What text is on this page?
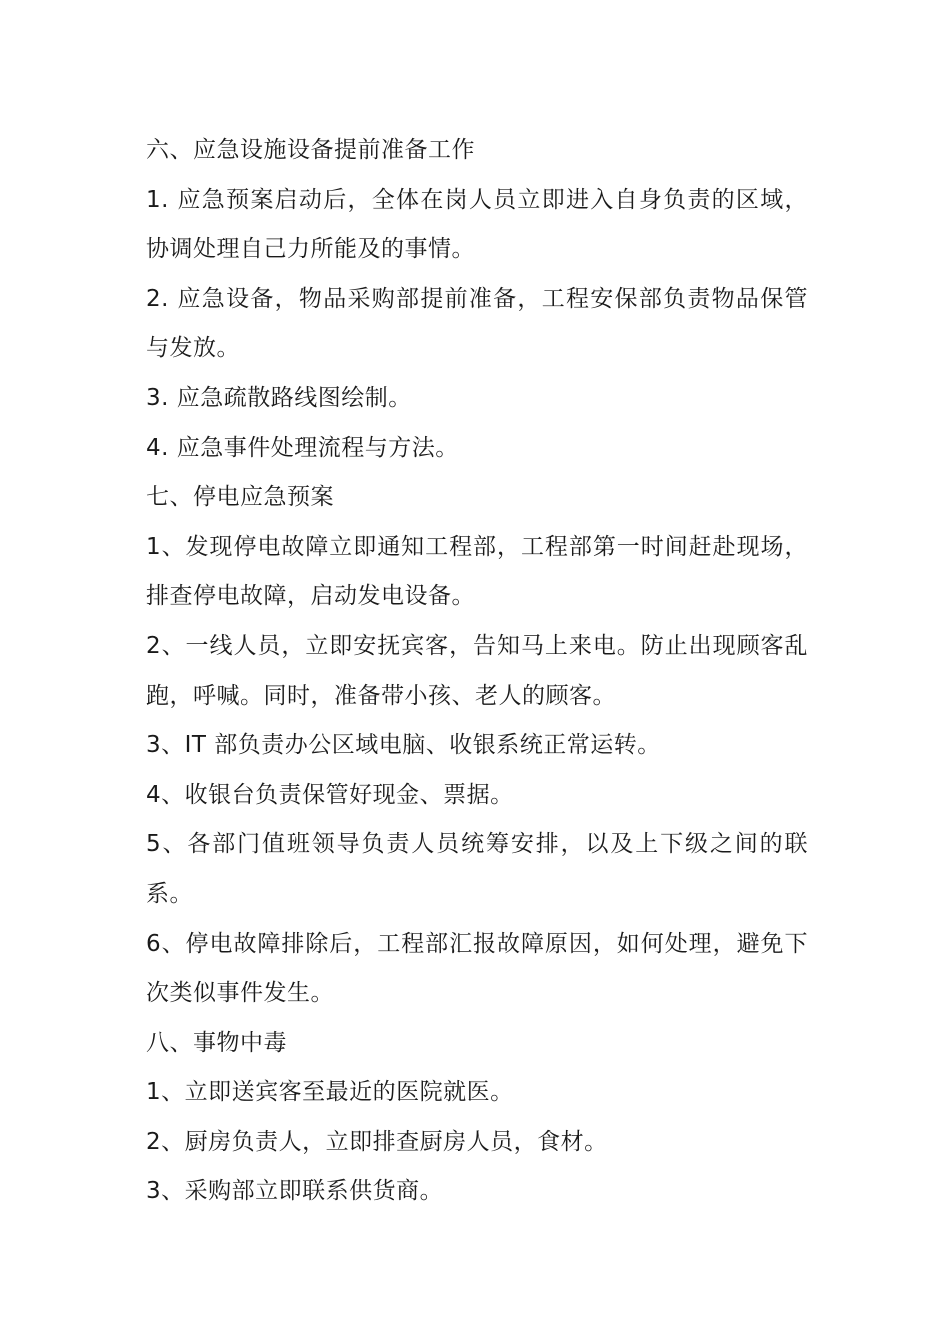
六、应急设施设备提前准备工作

1. 应急预案启动后，全体在岗人员立即进入自身负责的区域，协调处理自己力所能及的事情。

2. 应急设备，物品采购部提前准备，工程安保部负责物品保管与发放。

3. 应急疏散路线图绘制。

4. 应急事件处理流程与方法。

七、停电应急预案

1、发现停电故障立即通知工程部，工程部第一时间赶赴现场，排查停电故障，启动发电设备。

2、一线人员，立即安抚宾客，告知马上来电。防止出现顾客乱跑，呼喊。同时，准备带小孩、老人的顾客。

3、IT 部负责办公区域电脑、收银系统正常运转。

4、收银台负责保管好现金、票据。

5、各部门值班领导负责人员统筹安排，以及上下级之间的联系。

6、停电故障排除后，工程部汇报故障原因，如何处理，避免下次类似事件发生。

八、事物中毒

1、立即送宾客至最近的医院就医。

2、厨房负责人，立即排查厨房人员，食材。

3、采购部立即联系供货商。
